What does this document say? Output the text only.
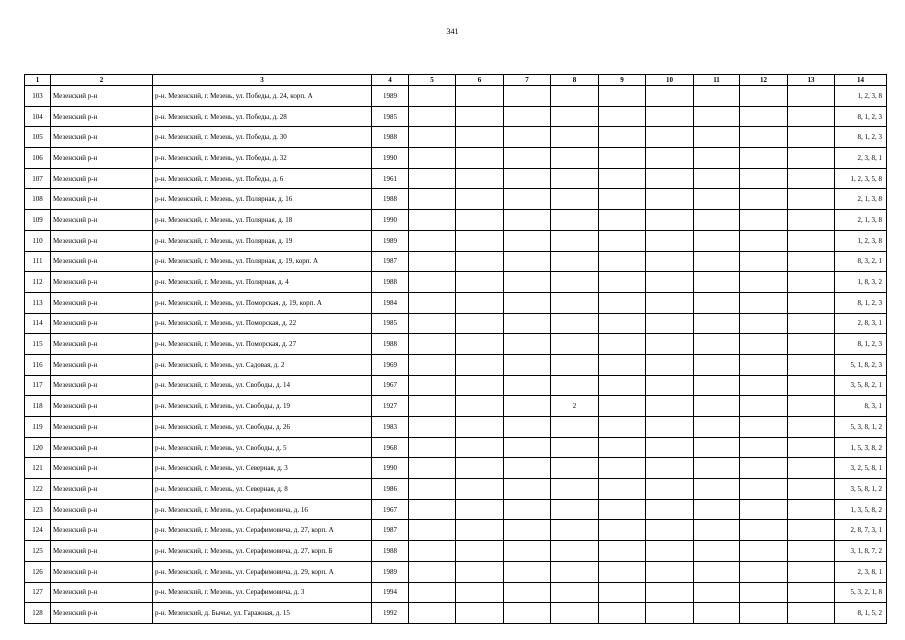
341
1	2	3	4	5	6	7	8	9	10	11	12	13	14
103	Мезенский р-н	р-н. Мезенский, г. Мезень, ул. Победы, д. 24, корп. А	1989										1, 2, 3, 8
104	Мезенский р-н	р-н. Мезенский, г. Мезень, ул. Победы, д. 28	1985										8, 1, 2, 3
105	Мезенский р-н	р-н. Мезенский, г. Мезень, ул. Победы, д. 30	1988										8, 1, 2, 3
106	Мезенский р-н	р-н. Мезенский, г. Мезень, ул. Победы, д. 32	1990										2, 3, 8, 1
107	Мезенский р-н	р-н. Мезенский, г. Мезень, ул. Победы, д. 6	1961										1, 2, 3, 5, 8
108	Мезенский р-н	р-н. Мезенский, г. Мезень, ул. Полярная, д. 16	1988										2, 1, 3, 8
109	Мезенский р-н	р-н. Мезенский, г. Мезень, ул. Полярная, д. 18	1990										2, 1, 3, 8
110	Мезенский р-н	р-н. Мезенский, г. Мезень, ул. Полярная, д. 19	1989										1, 2, 3, 8
111	Мезенский р-н	р-н. Мезенский, г. Мезень, ул. Полярная, д. 19, корп. А	1987										8, 3, 2, 1
112	Мезенский р-н	р-н. Мезенский, г. Мезень, ул. Полярная, д. 4	1988										1, 8, 3, 2
113	Мезенский р-н	р-н. Мезенский, г. Мезень, ул. Поморская, д. 19, корп. А	1984										8, 1, 2, 3
114	Мезенский р-н	р-н. Мезенский, г. Мезень, ул. Поморская, д. 22	1985										2, 8, 3, 1
115	Мезенский р-н	р-н. Мезенский, г. Мезень, ул. Поморская, д. 27	1988										8, 1, 2, 3
116	Мезенский р-н	р-н. Мезенский, г. Мезень, ул. Садовая, д. 2	1969										5, 1, 8, 2, 3
117	Мезенский р-н	р-н. Мезенский, г. Мезень, ул. Свободы, д. 14	1967										3, 5, 8, 2, 1
118	Мезенский р-н	р-н. Мезенский, г. Мезень, ул. Свободы, д. 19	1927				2						8, 3, 1
119	Мезенский р-н	р-н. Мезенский, г. Мезень, ул. Свободы, д. 26	1983										5, 3, 8, 1, 2
120	Мезенский р-н	р-н. Мезенский, г. Мезень, ул. Свободы, д. 5	1968										1, 5, 3, 8, 2
121	Мезенский р-н	р-н. Мезенский, г. Мезень, ул. Северная, д. 3	1990										3, 2, 5, 8, 1
122	Мезенский р-н	р-н. Мезенский, г. Мезень, ул. Северная, д. 8	1986										3, 5, 8, 1, 2
123	Мезенский р-н	р-н. Мезенский, г. Мезень, ул. Серафимовича, д. 16	1967										1, 3, 5, 8, 2
124	Мезенский р-н	р-н. Мезенский, г. Мезень, ул. Серафимовича, д. 27, корп. А	1987										2, 8, 7, 3, 1
125	Мезенский р-н	р-н. Мезенский, г. Мезень, ул. Серафимовича, д. 27, корп. Б	1988										3, 1, 8, 7, 2
126	Мезенский р-н	р-н. Мезенский, г. Мезень, ул. Серафимовича, д. 29, корп. А	1989										2, 3, 8, 1
127	Мезенский р-н	р-н. Мезенский, г. Мезень, ул. Серафимовича, д. 3	1994										5, 3, 2, 1, 8
128	Мезенский р-н	р-н. Мезенский, д. Бычье, ул. Гаражная, д. 15	1992										8, 1, 5, 2
